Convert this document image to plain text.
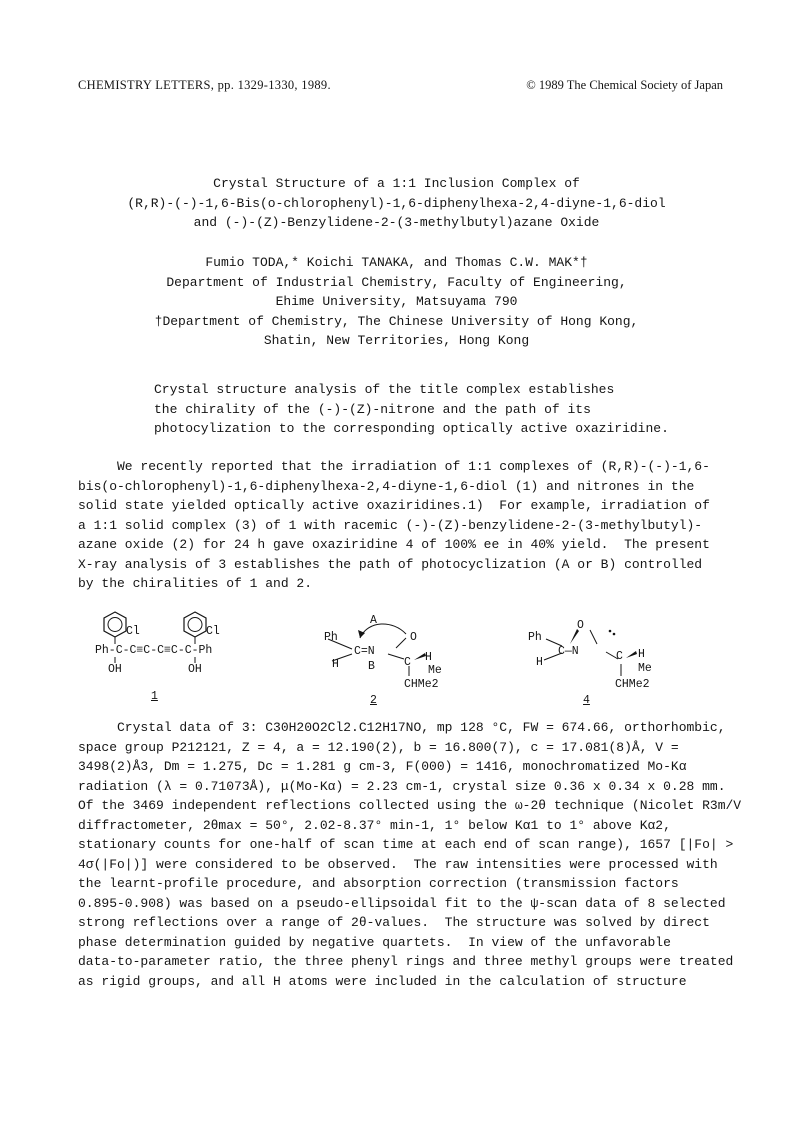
CHEMISTRY LETTERS, pp. 1329-1330, 1989.	© 1989 The Chemical Society of Japan
Crystal Structure of a 1:1 Inclusion Complex of
(R,R)-(-)-1,6-Bis(o-chlorophenyl)-1,6-diphenylhexa-2,4-diyne-1,6-diol
and (-)-(Z)-Benzylidene-2-(3-methylbutyl)azane Oxide
Fumio TODA,* Koichi TANAKA, and Thomas C.W. MAK*†
Department of Industrial Chemistry, Faculty of Engineering,
Ehime University, Matsuyama 790
†Department of Chemistry, The Chinese University of Hong Kong,
Shatin, New Territories, Hong Kong
Crystal structure analysis of the title complex establishes
the chirality of the (-)-(Z)-nitrone and the path of its
photocylization to the corresponding optically active oxaziridine.
We recently reported that the irradiation of 1:1 complexes of (R,R)-(-)-1,6-
bis(o-chlorophenyl)-1,6-diphenylhexa-2,4-diyne-1,6-diol (1) and nitrones in the
solid state yielded optically active oxaziridines.1)  For example, irradiation of
a 1:1 solid complex (3) of 1 with racemic (-)-(Z)-benzylidene-2-(3-methylbutyl)-
azane oxide (2) for 24 h gave oxaziridine 4 of 100% ee in 40% yield.  The present
X-ray analysis of 3 establishes the path of photocyclization (A or B) controlled
by the chiralities of 1 and 2.
Cl	Cl
Ph-C-C≡C-C≡C-C-Ph
OH	OH
1
A
Ph	O
C=N	H
H	B	C
Me
CHMe2
2
Ph
O
C—N
H	C H
Me
CHMe2
4
Crystal data of 3: C30H20O2Cl2.C12H17NO, mp 128 °C, FW = 674.66, orthorhombic,
space group P212121, Z = 4, a = 12.190(2), b = 16.800(7), c = 17.081(8)Å, V =
3498(2)Å3, Dm = 1.275, Dc = 1.281 g cm-3, F(000) = 1416, monochromatized Mo-Kα
radiation (λ = 0.71073Å), μ(Mo-Kα) = 2.23 cm-1, crystal size 0.36 x 0.34 x 0.28 mm.
Of the 3469 independent reflections collected using the ω-2θ technique (Nicolet R3m/V
diffractometer, 2θmax = 50°, 2.02-8.37° min-1, 1° below Kα1 to 1° above Kα2,
stationary counts for one-half of scan time at each end of scan range), 1657 [|Fo| >
4σ(|Fo|)] were considered to be observed.  The raw intensities were processed with
the learnt-profile procedure, and absorption correction (transmission factors
0.895-0.908) was based on a pseudo-ellipsoidal fit to the ψ-scan data of 8 selected
strong reflections over a range of 2θ-values.  The structure was solved by direct
phase determination guided by negative quartets.  In view of the unfavorable
data-to-parameter ratio, the three phenyl rings and three methyl groups were treated
as rigid groups, and all H atoms were included in the calculation of structure
